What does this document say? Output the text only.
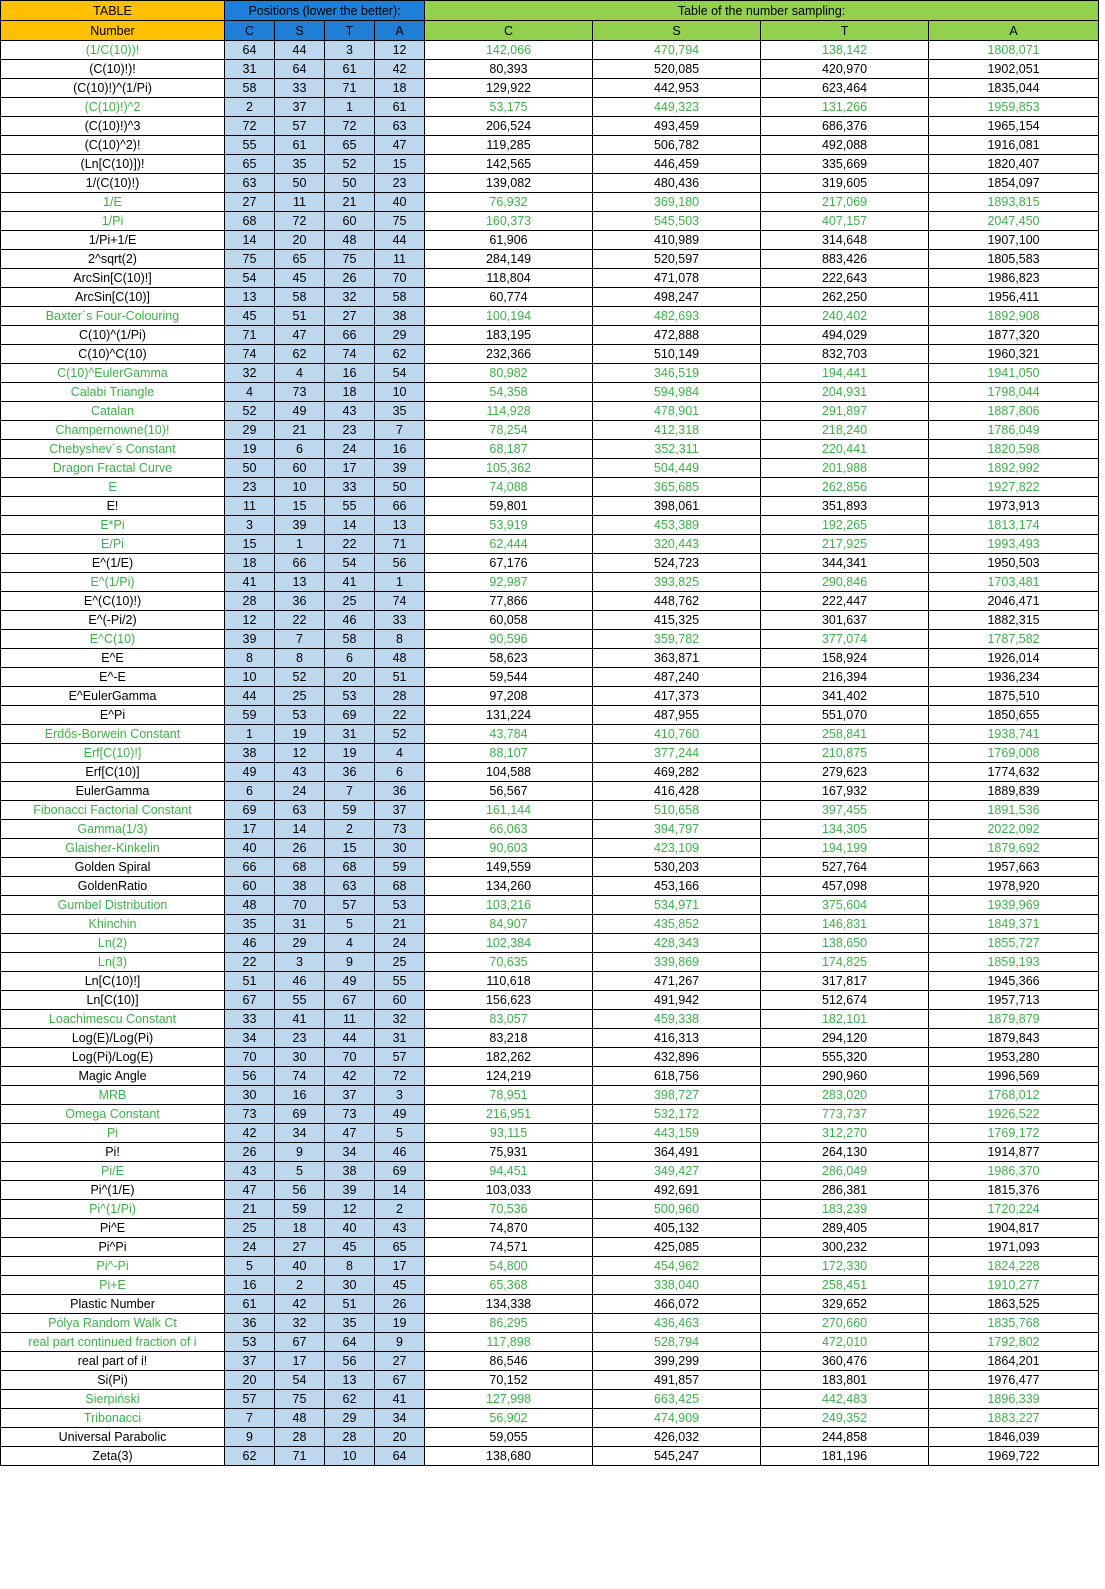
TABLE	Positions (lower the better):				Table of the number sampling:			
Number	C	S	T	A	C	S	T	A
(1/C(10))!	64	44	3	12	142,066	470,794	138,142	1808,071
(C(10)!)!	31	64	61	42	80,393	520,085	420,970	1902,051
(C(10)!)^(1/Pi)	58	33	71	18	129,922	442,953	623,464	1835,044
(C(10)!)^2	2	37	1	61	53,175	449,323	131,266	1959,853
(C(10)!)^3	72	57	72	63	206,524	493,459	686,376	1965,154
(C(10)^2)!	55	61	65	47	119,285	506,782	492,088	1916,081
(Ln[C(10)])!	65	35	52	15	142,565	446,459	335,669	1820,407
1/(C(10)!)	63	50	50	23	139,082	480,436	319,605	1854,097
1/E	27	11	21	40	76,932	369,180	217,069	1893,815
1/Pi	68	72	60	75	160,373	545,503	407,157	2047,450
1/Pi+1/E	14	20	48	44	61,906	410,989	314,648	1907,100
2^sqrt(2)	75	65	75	11	284,149	520,597	883,426	1805,583
ArcSin[C(10)!]	54	45	26	70	118,804	471,078	222,643	1986,823
ArcSin[C(10)]	13	58	32	58	60,774	498,247	262,250	1956,411
Baxter´s Four-Colouring	45	51	27	38	100,194	482,693	240,402	1892,908
C(10)^(1/Pi)	71	47	66	29	183,195	472,888	494,029	1877,320
C(10)^C(10)	74	62	74	62	232,366	510,149	832,703	1960,321
C(10)^EulerGamma	32	4	16	54	80,982	346,519	194,441	1941,050
Calabi Triangle	4	73	18	10	54,358	594,984	204,931	1798,044
Catalan	52	49	43	35	114,928	478,901	291,897	1887,806
Champernowne(10)!	29	21	23	7	78,254	412,318	218,240	1786,049
Chebyshev´s Constant	19	6	24	16	68,187	352,311	220,441	1820,598
Dragon Fractal Curve	50	60	17	39	105,362	504,449	201,988	1892,992
E	23	10	33	50	74,088	365,685	262,856	1927,822
E!	11	15	55	66	59,801	398,061	351,893	1973,913
E*Pi	3	39	14	13	53,919	453,389	192,265	1813,174
E/Pi	15	1	22	71	62,444	320,443	217,925	1993,493
E^(1/E)	18	66	54	56	67,176	524,723	344,341	1950,503
E^(1/Pi)	41	13	41	1	92,987	393,825	290,846	1703,481
E^(C(10)!)	28	36	25	74	77,866	448,762	222,447	2046,471
E^(-Pi/2)	12	22	46	33	60,058	415,325	301,637	1882,315
E^C(10)	39	7	58	8	90,596	359,782	377,074	1787,582
E^E	8	8	6	48	58,623	363,871	158,924	1926,014
E^-E	10	52	20	51	59,544	487,240	216,394	1936,234
E^EulerGamma	44	25	53	28	97,208	417,373	341,402	1875,510
E^Pi	59	53	69	22	131,224	487,955	551,070	1850,655
Erdős-Borwein Constant	1	19	31	52	43,784	410,760	258,841	1938,741
Erf[C(10)!]	38	12	19	4	88,107	377,244	210,875	1769,008
Erf[C(10)]	49	43	36	6	104,588	469,282	279,623	1774,632
EulerGamma	6	24	7	36	56,567	416,428	167,932	1889,839
Fibonacci Factorial Constant	69	63	59	37	161,144	510,658	397,455	1891,536
Gamma(1/3)	17	14	2	73	66,063	394,797	134,305	2022,092
Glaisher-Kinkelin	40	26	15	30	90,603	423,109	194,199	1879,692
Golden Spiral	66	68	68	59	149,559	530,203	527,764	1957,663
GoldenRatio	60	38	63	68	134,260	453,166	457,098	1978,920
Gumbel Distribution	48	70	57	53	103,216	534,971	375,604	1939,969
Khinchin	35	31	5	21	84,907	435,852	146,831	1849,371
Ln(2)	46	29	4	24	102,384	428,343	138,650	1855,727
Ln(3)	22	3	9	25	70,635	339,869	174,825	1859,193
Ln[C(10)!]	51	46	49	55	110,618	471,267	317,817	1945,366
Ln[C(10)]	67	55	67	60	156,623	491,942	512,674	1957,713
Loachimescu Constant	33	41	11	32	83,057	459,338	182,101	1879,879
Log(E)/Log(Pi)	34	23	44	31	83,218	416,313	294,120	1879,843
Log(Pi)/Log(E)	70	30	70	57	182,262	432,896	555,320	1953,280
Magic Angle	56	74	42	72	124,219	618,756	290,960	1996,569
MRB	30	16	37	3	78,951	398,727	283,020	1768,012
Omega Constant	73	69	73	49	216,951	532,172	773,737	1926,522
Pi	42	34	47	5	93,115	443,159	312,270	1769,172
Pi!	26	9	34	46	75,931	364,491	264,130	1914,877
Pi/E	43	5	38	69	94,451	349,427	286,049	1986,370
Pi^(1/E)	47	56	39	14	103,033	492,691	286,381	1815,376
Pi^(1/Pi)	21	59	12	2	70,536	500,960	183,239	1720,224
Pi^E	25	18	40	43	74,870	405,132	289,405	1904,817
Pi^Pi	24	27	45	65	74,571	425,085	300,232	1971,093
Pi^-Pi	5	40	8	17	54,800	454,962	172,330	1824,228
Pi+E	16	2	30	45	65,368	338,040	258,451	1910,277
Plastic Number	61	42	51	26	134,338	466,072	329,652	1863,525
Pólya Random Walk Ct	36	32	35	19	86,295	436,463	270,660	1835,768
real part continued fraction of i	53	67	64	9	117,898	528,794	472,010	1792,802
real part of i!	37	17	56	27	86,546	399,299	360,476	1864,201
Si(Pi)	20	54	13	67	70,152	491,857	183,801	1976,477
Sierpiński	57	75	62	41	127,998	663,425	442,483	1896,339
Tribonacci	7	48	29	34	56,902	474,909	249,352	1883,227
Universal Parabolic	9	28	28	20	59,055	426,032	244,858	1846,039
Zeta(3)	62	71	10	64	138,680	545,247	181,196	1969,722
